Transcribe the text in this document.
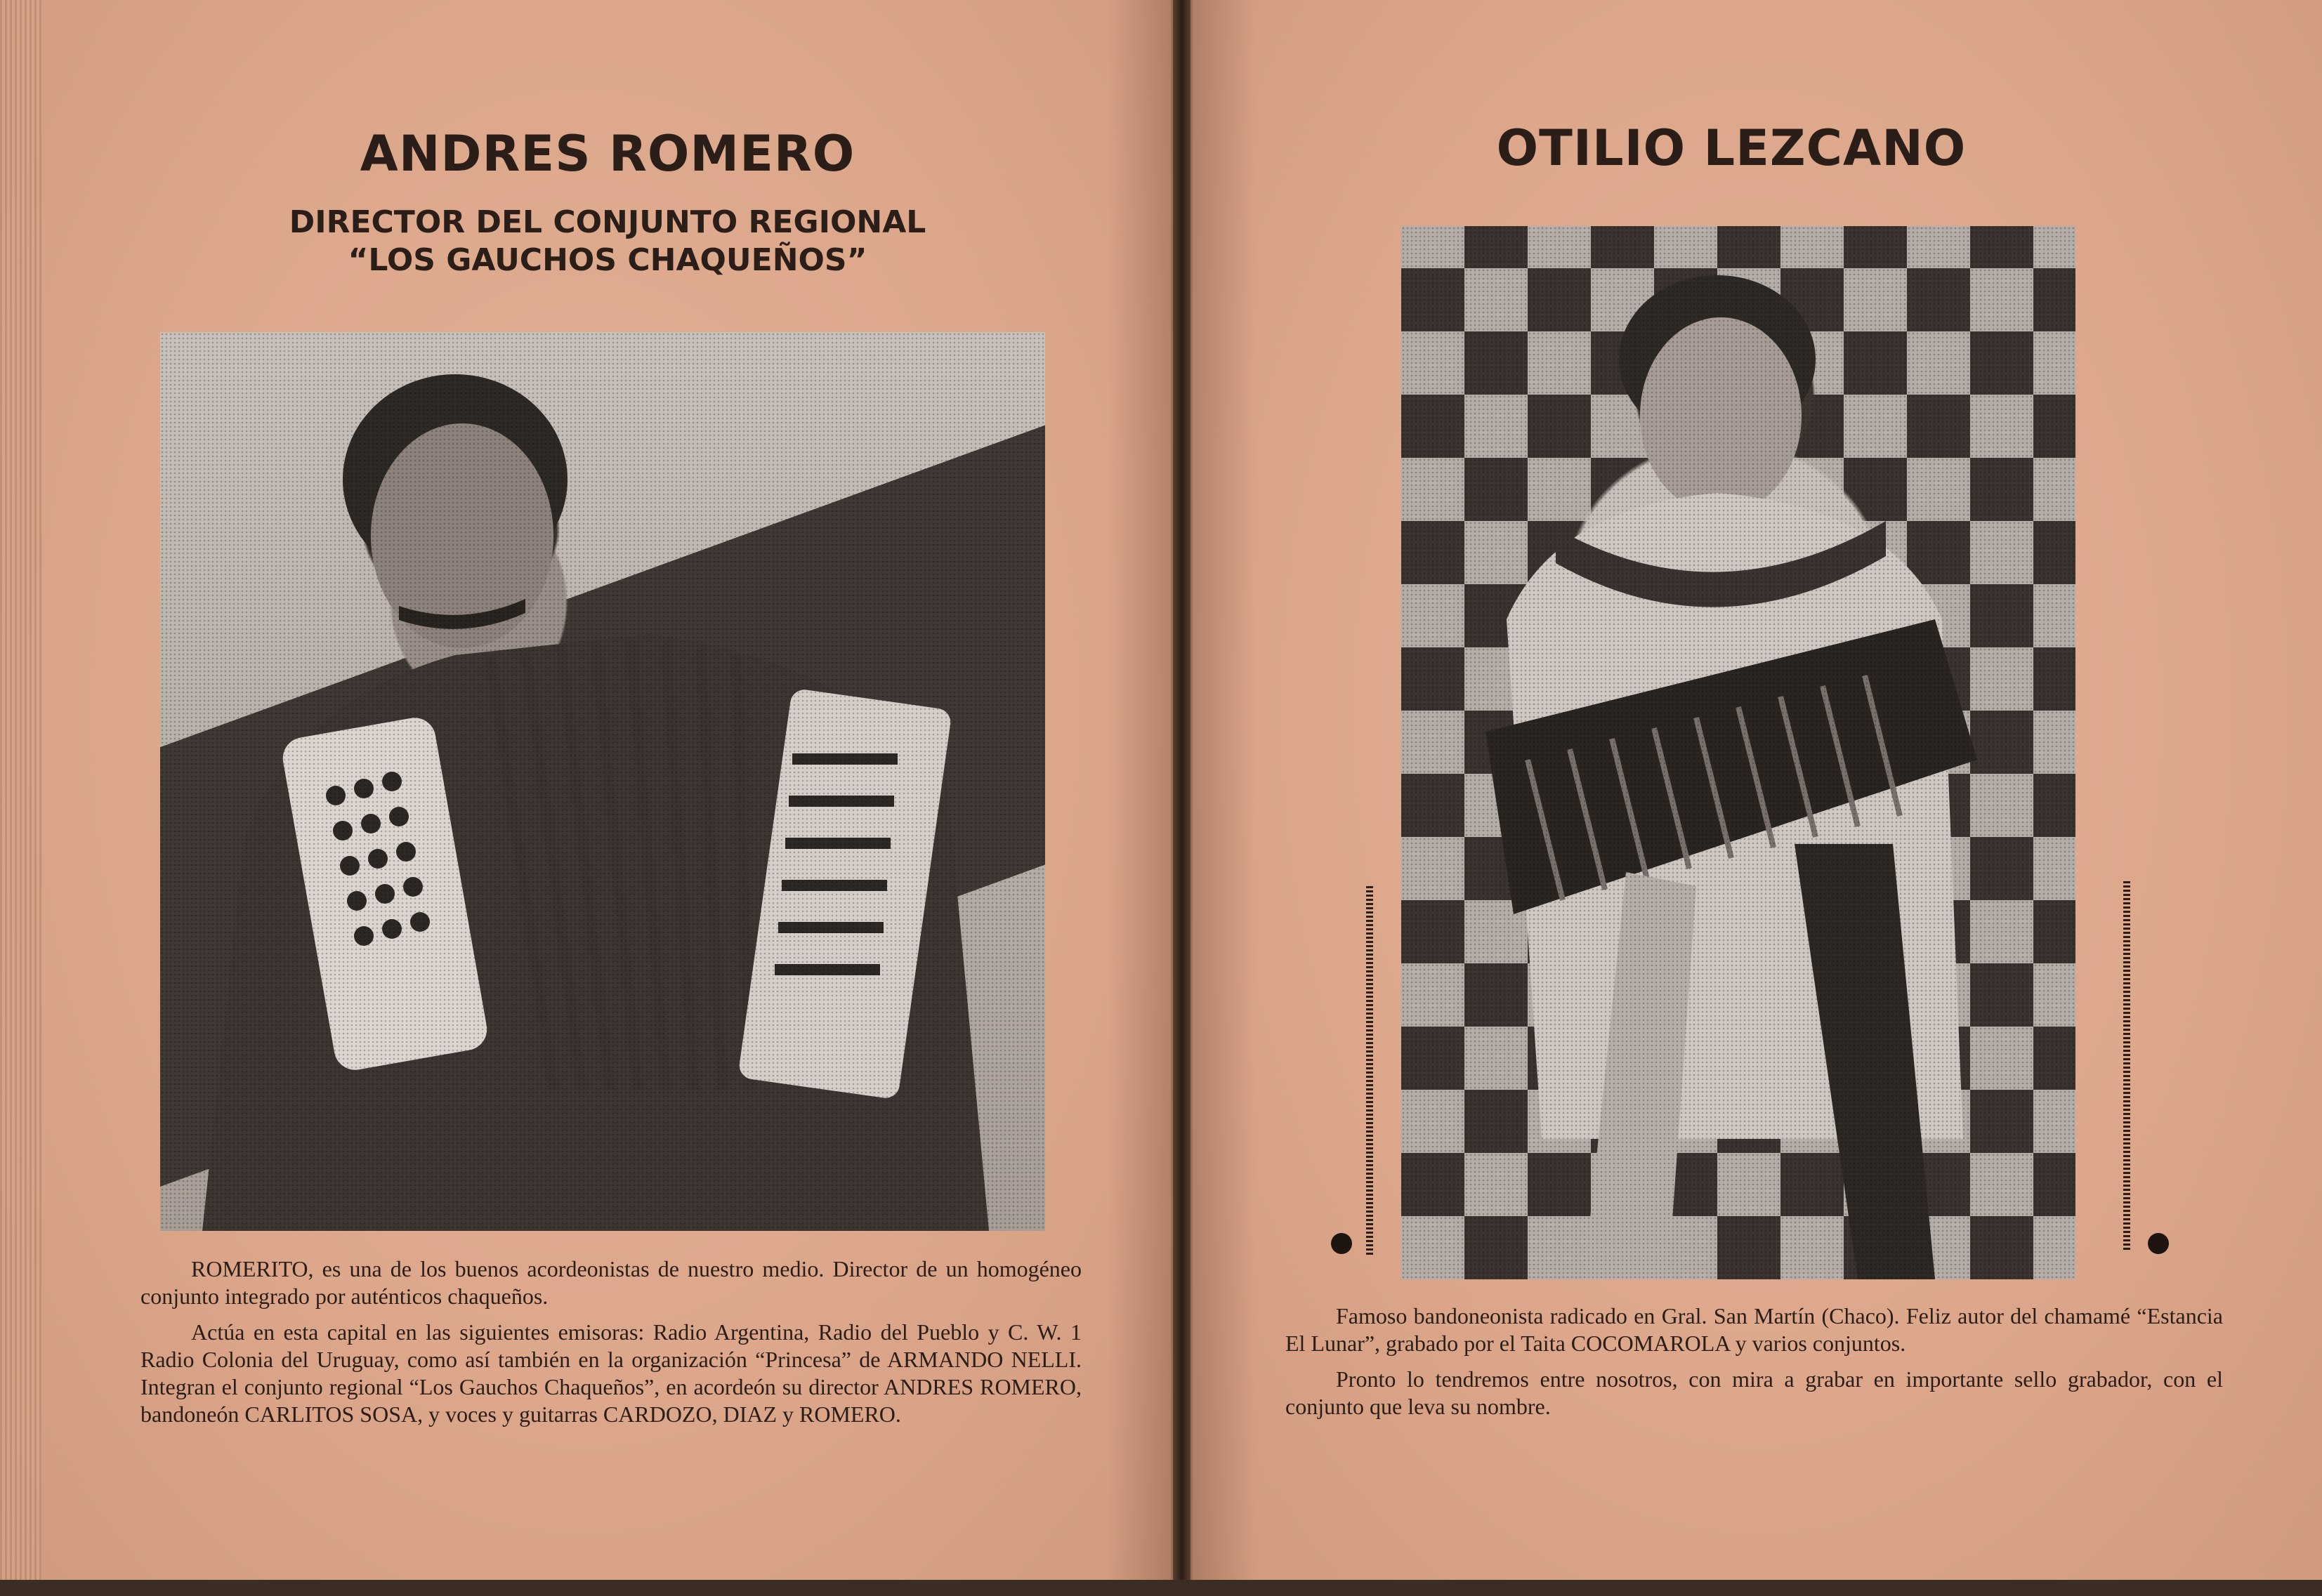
ANDRES ROMERO
DIRECTOR DEL CONJUNTO REGIONAL
“LOS GAUCHOS CHAQUEÑOS”

ROMERITO, es una de los buenos acordeonistas de nuestro medio. Director de un homogéneo conjunto integrado por auténticos chaqueños.

Actúa en esta capital en las siguientes emisoras: Radio Argentina, Radio del Pueblo y C. W. 1 Radio Colonia del Uruguay, como así también en la organización “Princesa” de ARMANDO NELLI. Integran el conjunto regional “Los Gauchos Chaqueños”, en acordeón su director ANDRES ROMERO, bandoneón CARLITOS SOSA, y voces y guitarras CARDOZO, DIAZ y ROMERO.

OTILIO LEZCANO

Famoso bandoneonista radicado en Gral. San Martín (Chaco). Feliz autor del chamamé “Estancia El Lunar”, grabado por el Taita COCOMAROLA y varios conjuntos.

Pronto lo tendremos entre nosotros, con mira a grabar en importante sello grabador, con el conjunto que leva su nombre.
